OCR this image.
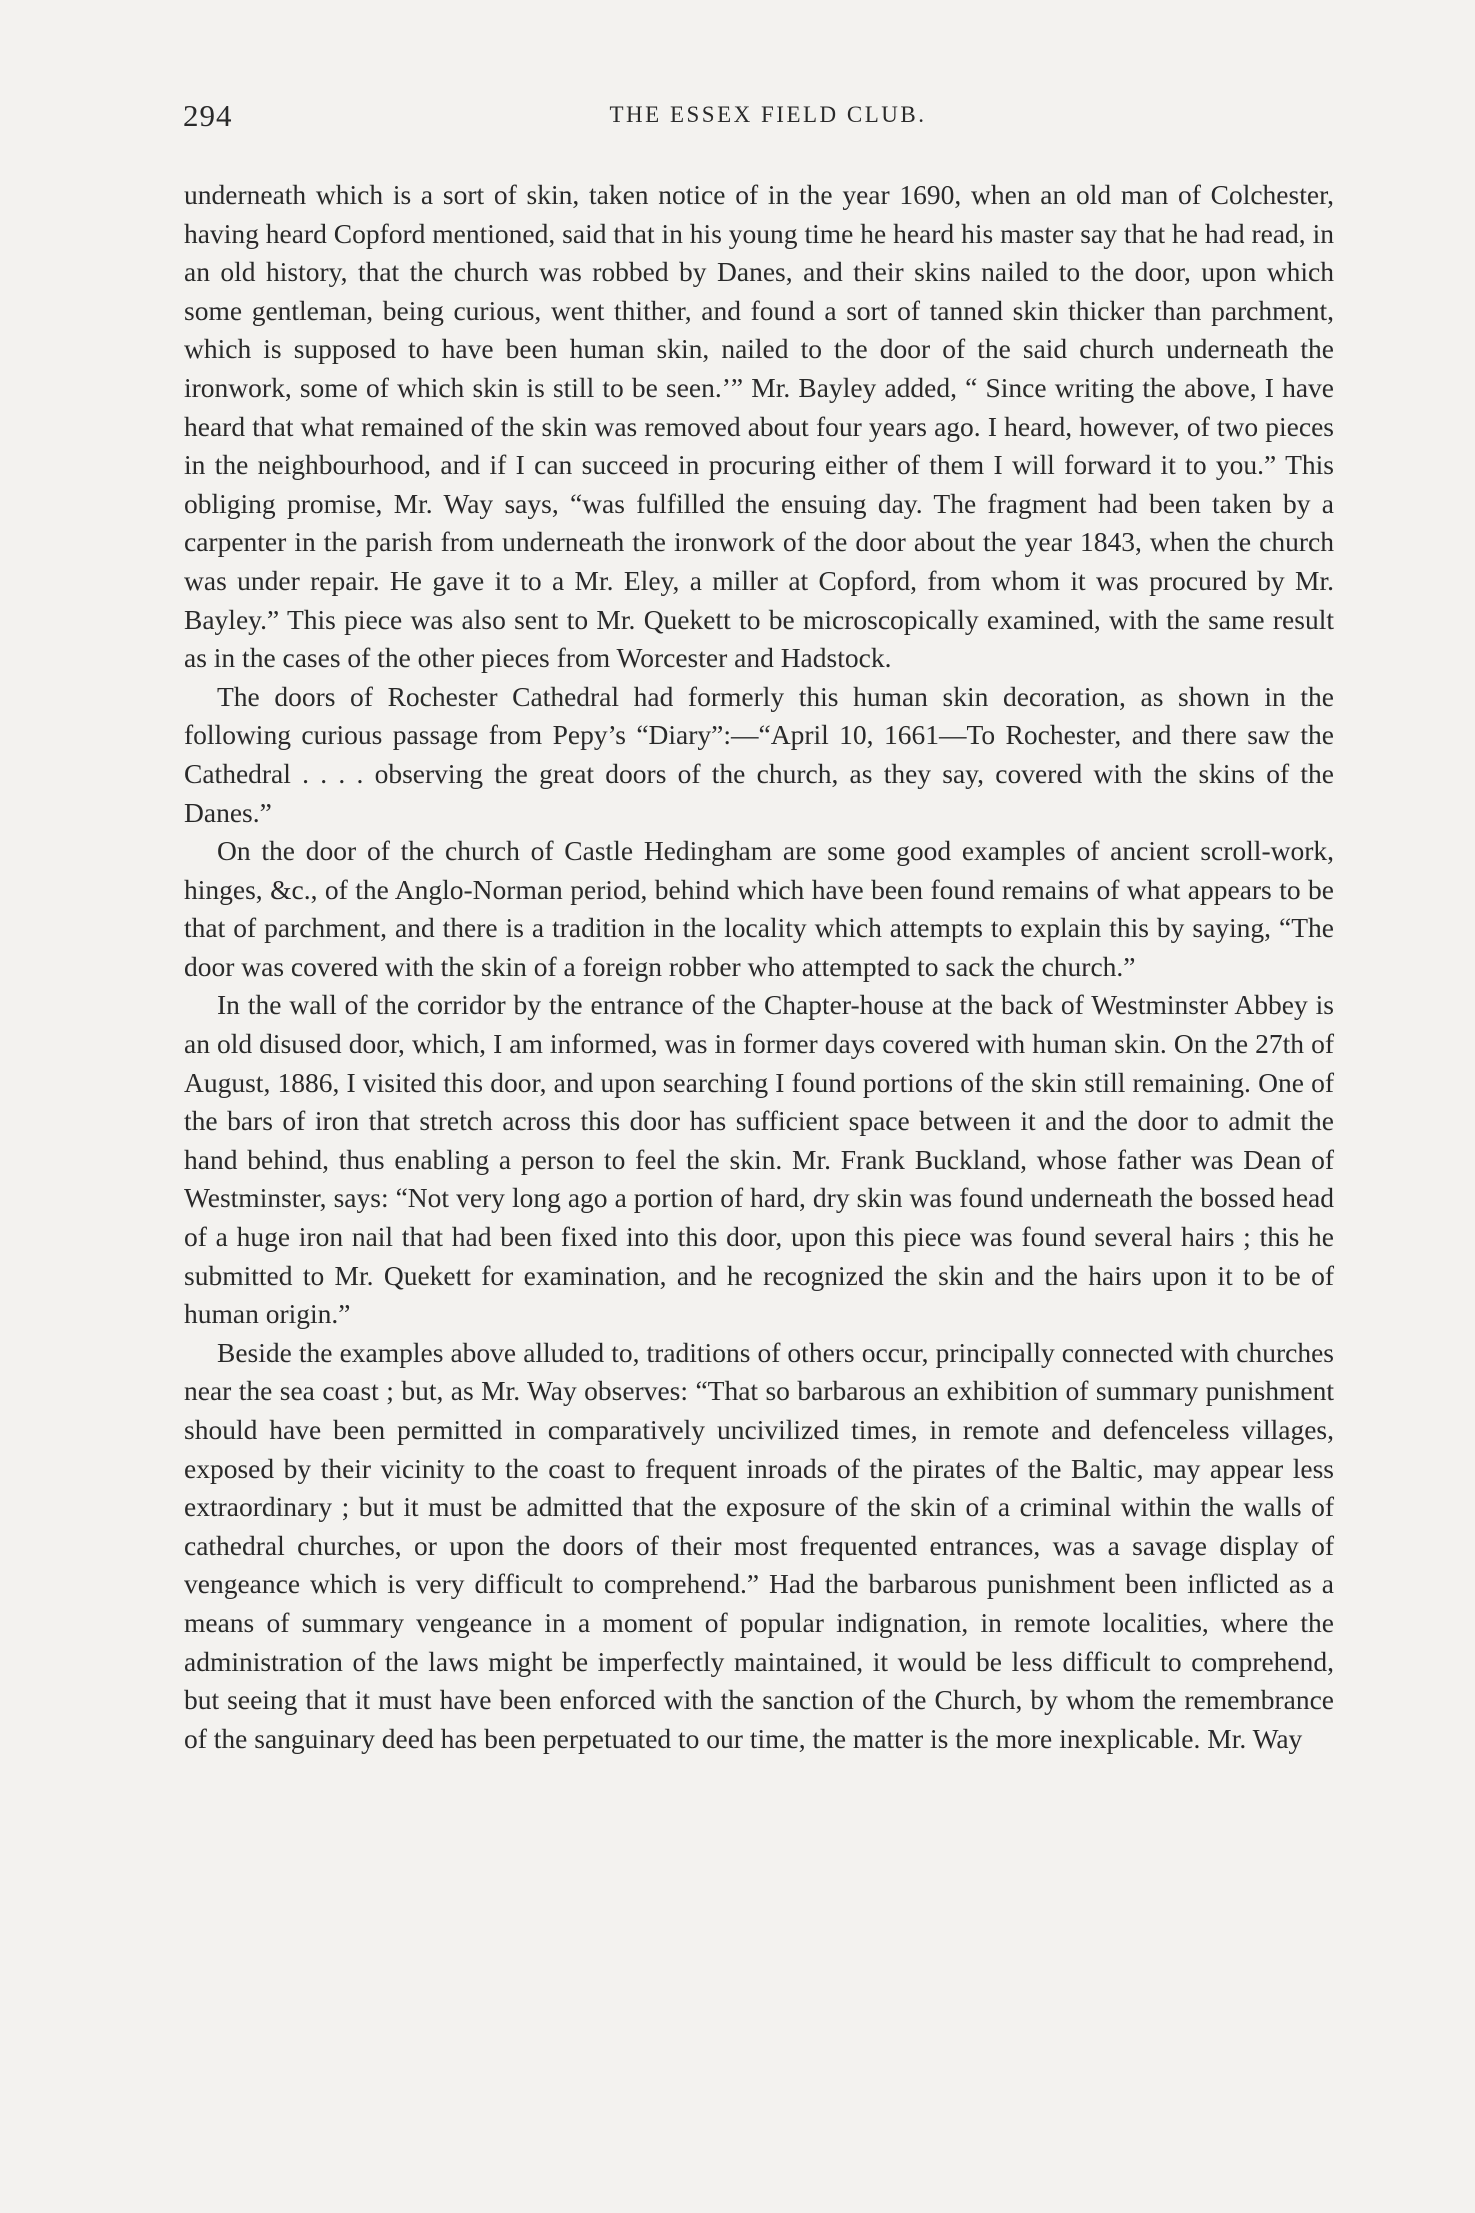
294	THE ESSEX FIELD CLUB.

underneath which is a sort of skin, taken notice of in the year 1690, when an old man of Colchester, having heard Copford mentioned, said that in his young time he heard his master say that he had read, in an old history, that the church was robbed by Danes, and their skins nailed to the door, upon which some gentleman, being curious, went thither, and found a sort of tanned skin thicker than parchment, which is supposed to have been human skin, nailed to the door of the said church underneath the ironwork, some of which skin is still to be seen.’” Mr. Bayley added, “ Since writing the above, I have heard that what remained of the skin was removed about four years ago. I heard, however, of two pieces in the neighbourhood, and if I can succeed in procuring either of them I will forward it to you.” This obliging promise, Mr. Way says, “was fulfilled the ensuing day. The fragment had been taken by a carpenter in the parish from underneath the ironwork of the door about the year 1843, when the church was under repair. He gave it to a Mr. Eley, a miller at Copford, from whom it was procured by Mr. Bayley.” This piece was also sent to Mr. Quekett to be microscopically examined, with the same result as in the cases of the other pieces from Worcester and Hadstock.

The doors of Rochester Cathedral had formerly this human skin decoration, as shown in the following curious passage from Pepy’s “Diary”:—“April 10, 1661—To Rochester, and there saw the Cathedral . . . . observing the great doors of the church, as they say, covered with the skins of the Danes.”

On the door of the church of Castle Hedingham are some good examples of ancient scroll-work, hinges, &c., of the Anglo-Norman period, behind which have been found remains of what appears to be that of parchment, and there is a tradition in the locality which attempts to explain this by saying, “The door was covered with the skin of a foreign robber who attempted to sack the church.”

In the wall of the corridor by the entrance of the Chapter-house at the back of Westminster Abbey is an old disused door, which, I am informed, was in former days covered with human skin. On the 27th of August, 1886, I visited this door, and upon searching I found portions of the skin still remaining. One of the bars of iron that stretch across this door has sufficient space between it and the door to admit the hand behind, thus enabling a person to feel the skin. Mr. Frank Buckland, whose father was Dean of Westminster, says: “Not very long ago a portion of hard, dry skin was found underneath the bossed head of a huge iron nail that had been fixed into this door, upon this piece was found several hairs ; this he submitted to Mr. Quekett for examination, and he recognized the skin and the hairs upon it to be of human origin.”

Beside the examples above alluded to, traditions of others occur, principally connected with churches near the sea coast ; but, as Mr. Way observes: “That so barbarous an exhibition of summary punishment should have been permitted in comparatively uncivilized times, in remote and defenceless villages, exposed by their vicinity to the coast to frequent inroads of the pirates of the Baltic, may appear less extraordinary ; but it must be admitted that the exposure of the skin of a criminal within the walls of cathedral churches, or upon the doors of their most frequented entrances, was a savage display of vengeance which is very difficult to comprehend.” Had the barbarous punishment been inflicted as a means of summary vengeance in a moment of popular indignation, in remote localities, where the administration of the laws might be imperfectly maintained, it would be less difficult to comprehend, but seeing that it must have been enforced with the sanction of the Church, by whom the remembrance of the sanguinary deed has been perpetuated to our time, the matter is the more inexplicable. Mr. Way
